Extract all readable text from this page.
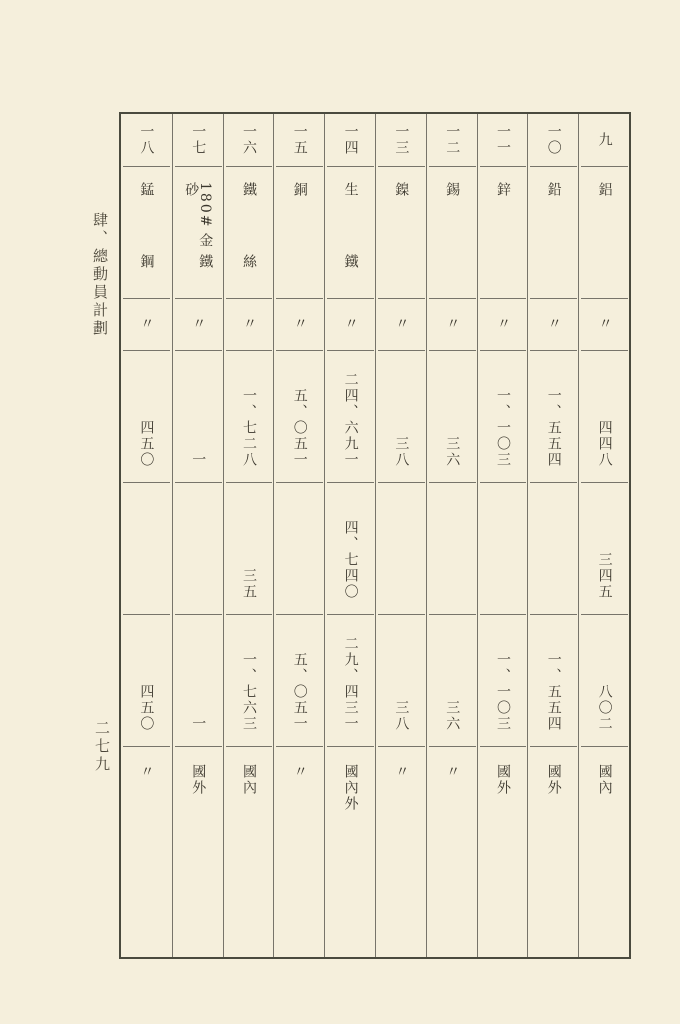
肆、總動員計劃
二七九
一八
錳　鋼
〃
四五〇
四五〇
〃
一七
180#金鐵砂
〃
一
一
國外
一六
鐵　絲
〃
一、七二八
三五
一、七六三
國內
一五
銅
〃
五、〇五一
五、〇五一
〃
一四
生　鐵
〃
二四、六九一
四、七四〇
二九、四三一
國內外
一三
鎳
〃
三八
三八
〃
一二
錫
〃
三六
三六
〃
一一
鋅
〃
一、一〇三
一、一〇三
國外
一〇
鉛
〃
一、五五四
一、五五四
國外
九
鋁
〃
四四八
三四五
八〇二
國內
